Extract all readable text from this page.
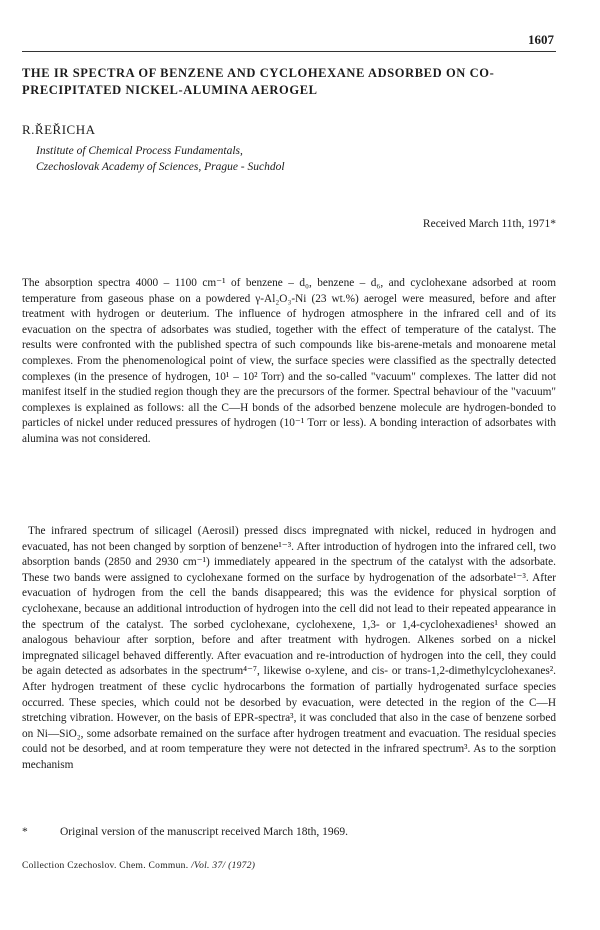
1607
THE IR SPECTRA OF BENZENE AND CYCLOHEXANE ADSORBED ON CO-PRECIPITATED NICKEL-ALUMINA AEROGEL

R.ŘEŘICHA

Institute of Chemical Process Fundamentals,
Czechoslovak Academy of Sciences, Prague - Suchdol
Received March 11th, 1971*

The absorption spectra 4000 – 1100 cm⁻¹ of benzene – d₀, benzene – d₆, and cyclohexane adsorbed at room temperature from gaseous phase on a powdered γ-Al₂O₃-Ni (23 wt.%) aerogel were measured, before and after treatment with hydrogen or deuterium. The influence of hydrogen atmosphere in the infrared cell and of its evacuation on the spectra of adsorbates was studied, together with the effect of temperature of the catalyst. The results were confronted with the published spectra of such compounds like bis-arene-metals and monoarene metal complexes. From the phenomenological point of view, the surface species were classified as the spectrally detected complexes (in the presence of hydrogen, 10¹ – 10² Torr) and the so-called "vacuum" complexes. The latter did not manifest itself in the studied region though they are the precursors of the former. Spectral behaviour of the "vacuum" complexes is explained as follows: all the C—H bonds of the adsorbed benzene molecule are hydrogen-bonded to particles of nickel under reduced pressures of hydrogen (10⁻¹ Torr or less). A bonding interaction of adsorbates with alumina was not considered.

The infrared spectrum of silicagel (Aerosil) pressed discs impregnated with nickel, reduced in hydrogen and evacuated, has not been changed by sorption of benzene¹⁻³. After introduction of hydrogen into the infrared cell, two absorption bands (2850 and 2930 cm⁻¹) immediately appeared in the spectrum of the catalyst with the adsorbate. These two bands were assigned to cyclohexane formed on the surface by hydrogenation of the adsorbate¹⁻³. After evacuation of hydrogen from the cell the bands disappeared; this was the evidence for physical sorption of cyclohexane, because an additional introduction of hydrogen into the cell did not lead to their repeated appearance in the spectrum of the catalyst. The sorbed cyclohexane, cyclohexene, 1,3- or 1,4-cyclohexadienes¹ showed an analogous behaviour after sorption, before and after treatment with hydrogen. Alkenes sorbed on a nickel impregnated silicagel behaved differently. After evacuation and re-introduction of hydrogen into the cell, they could be again detected as adsorbates in the spectrum⁴⁻⁷, likewise o-xylene, and cis- or trans-1,2-dimethylcyclohexanes². After hydrogen treatment of these cyclic hydrocarbons the formation of partially hydrogenated surface species occurred. These species, which could not be desorbed by evacuation, were detected in the region of the C—H stretching vibration. However, on the basis of EPR-spectra³, it was concluded that also in the case of benzene sorbed on Ni—SiO₂, some adsorbate remained on the surface after hydrogen treatment and evacuation. The residual species could not be desorbed, and at room temperature they were not detected in the infrared spectrum³. As to the sorption mechanism

*	Original version of the manuscript received March 18th, 1969.
Collection Czechoslov. Chem. Commun. /Vol. 37/ (1972)
